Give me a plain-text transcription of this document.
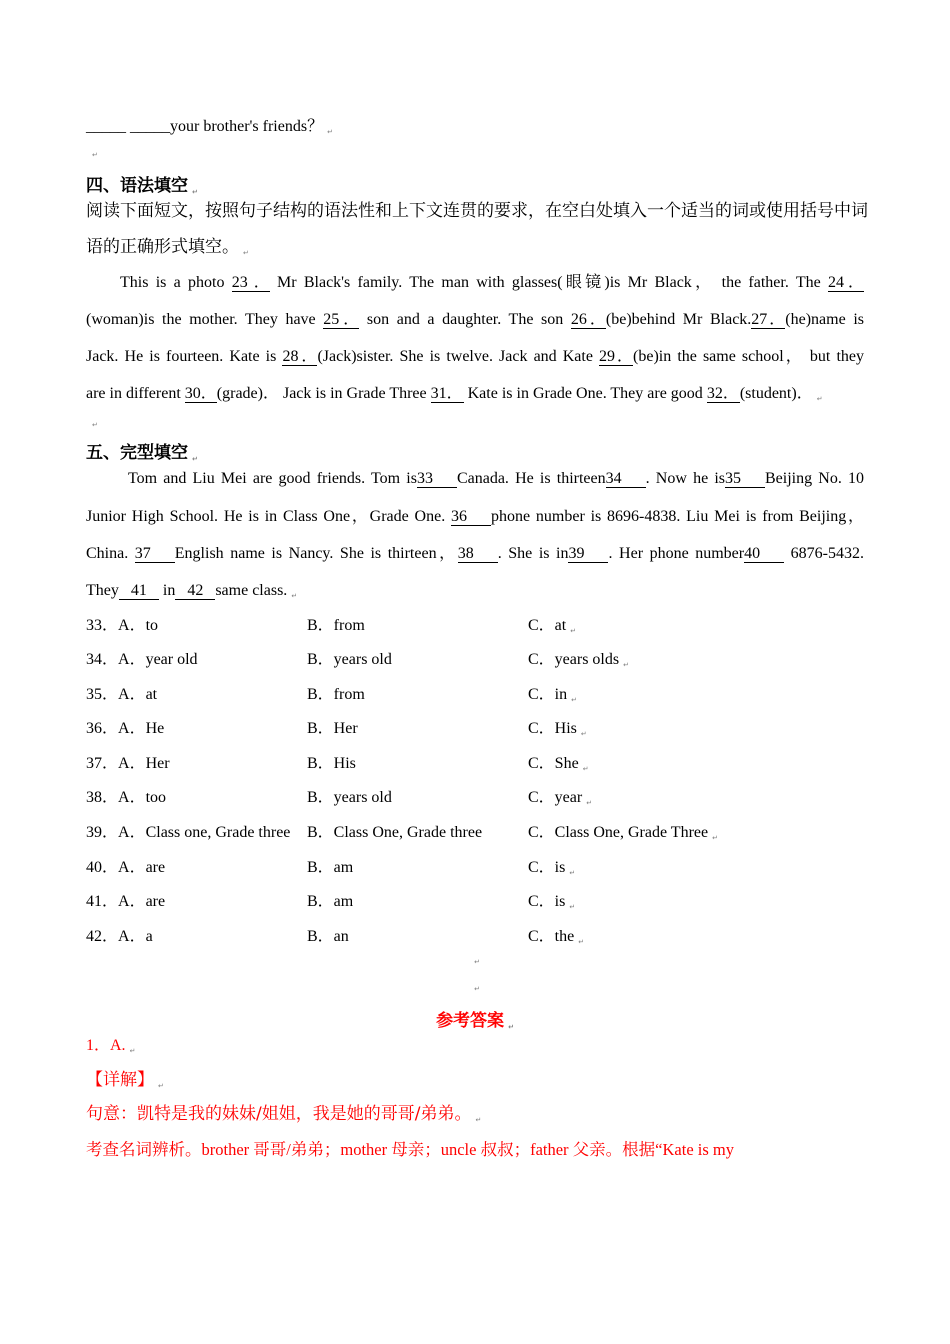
_____ _____your brother's friends？ ↵
↵
四、语法填空 ↵
阅读下面短文，按照句子结构的语法性和上下文连贯的要求，在空白处填入一个适当的词或使用括号中词
语的正确形式填空。 ↵
This is a photo 23． Mr Black's family. The man with glasses(眼镜)is Mr Black， the father. The 24．
(woman)is the mother. They have 25． son and a daughter. The son 26．(be)behind Mr Black.27．(he)name is
Jack. He is fourteen. Kate is 28．(Jack)sister. She is twelve. Jack and Kate 29．(be)in the same school， but they
are in different 30．(grade)． Jack is in Grade Three 31． Kate is in Grade One. They are good 32．(student)． ↵
↵
五、完型填空 ↵
Tom and Liu Mei are good friends. Tom is33 Canada. He is thirteen34 . Now he is35 Beijing No. 10
Junior High School. He is in Class One，Grade One. 36 phone number is 8696-4838. Liu Mei is from Beijing，
China. 37 English name is Nancy. She is thirteen，38 . She is in39 . Her phone number40 6876-5432.
They 41 in 42 same class. ↵
33．A．to	B．from	C．at ↵
34．A．year old	B．years old	C．years olds ↵
35．A．at	B．from	C．in ↵
36．A．He	B．Her	C．His ↵
37．A．Her	B．His	C．She ↵
38．A．too	B．years old	C．year ↵
39．A．Class one, Grade three B．Class One, Grade three	C．Class One, Grade Three ↵
40．A．are	B．am	C．is ↵
41．A．are	B．am	C．is ↵
42．A．a	B．an	C．the ↵
↵
↵
参考答案 ↵
1．A. ↵
【详解】 ↵
句意：凯特是我的妹妹/姐姐，我是她的哥哥/弟弟。 ↵
考查名词辨析。brother 哥哥/弟弟；mother 母亲；uncle 叔叔；father 父亲。根据“Kate is my
